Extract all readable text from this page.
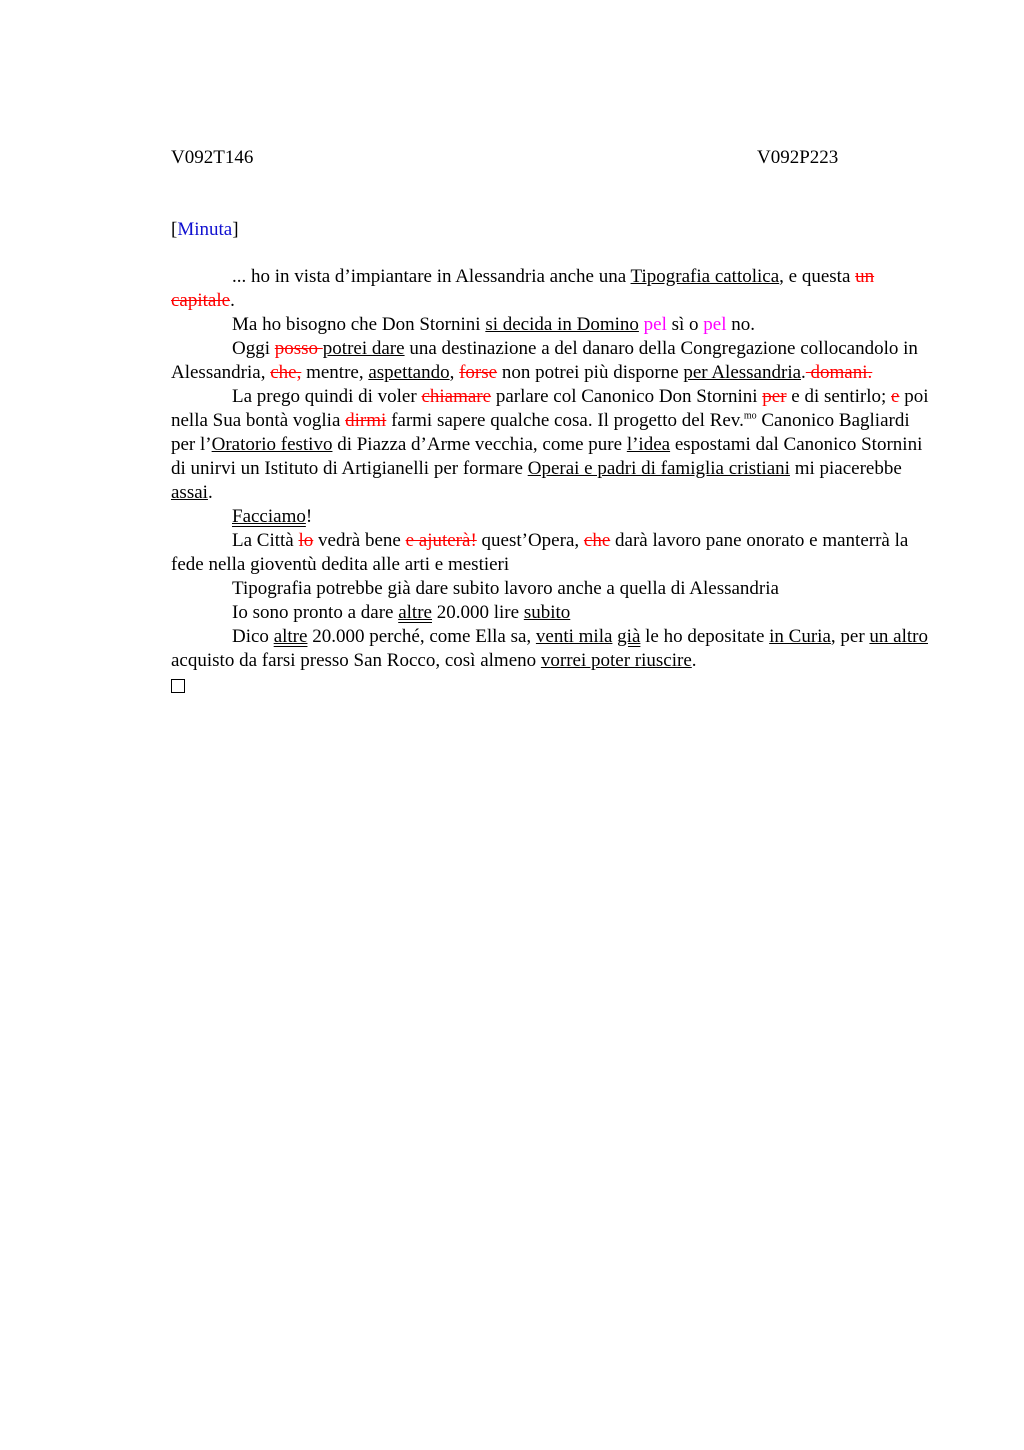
V092T146	V092P223
[Minuta]

... ho in vista d’impiantare in Alessandria anche una Tipografia cattolica, e questa un capitale.

Ma ho bisogno che Don Stornini si decida in Domino pel sì o pel no.

Oggi posso potrei dare una destinazione a del danaro della Congregazione collocandolo in Alessandria, che, mentre, aspettando, forse non potrei più disporne per Alessandria. domani.

La prego quindi di voler chiamare parlare col Canonico Don Stornini per e di sentirlo; e poi nella Sua bontà voglia dirmi farmi sapere qualche cosa. Il progetto del Rev.$^{mo}$ Canonico Bagliardi per l’Oratorio festivo di Piazza d’Arme vecchia, come pure l’idea espostami dal Canonico Stornini di unirvi un Istituto di Artigianelli per formare Operai e padri di famiglia cristiani mi piacerebbe assai.

Facciamo!

La Città lo vedrà bene e ajuterà! quest’Opera, che darà lavoro pane onorato e manterrà la fede nella gioventù dedita alle arti e mestieri

Tipografia potrebbe già dare subito lavoro anche a quella di Alessandria

Io sono pronto a dare altre 20.000 lire subito

Dico altre 20.000 perché, come Ella sa, venti mila già le ho depositate in Curia, per un altro acquisto da farsi presso San Rocco, così almeno vorrei poter riuscire.
